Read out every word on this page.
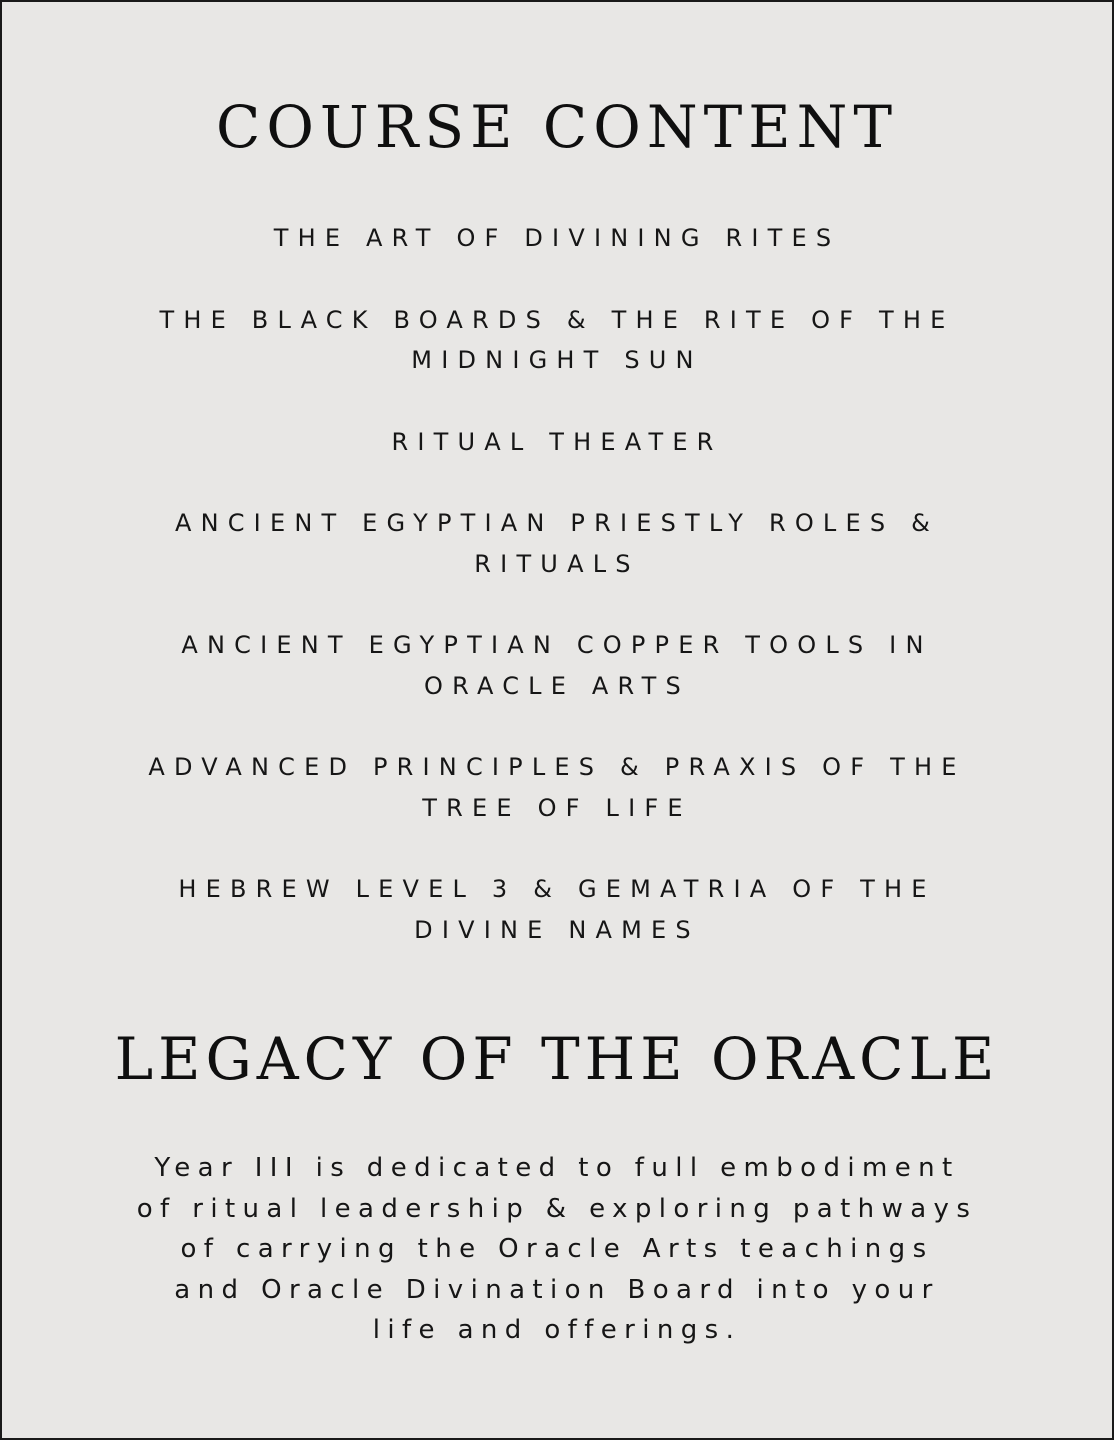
COURSE CONTENT
THE ART OF DIVINING RITES
THE BLACK BOARDS & THE RITE OF THE
MIDNIGHT SUN
RITUAL THEATER
ANCIENT EGYPTIAN PRIESTLY ROLES &
RITUALS
ANCIENT EGYPTIAN COPPER TOOLS IN
ORACLE ARTS
ADVANCED PRINCIPLES & PRAXIS OF THE
TREE OF LIFE
HEBREW LEVEL 3 & GEMATRIA OF THE
DIVINE NAMES
LEGACY OF THE ORACLE

Year III is dedicated to full embodiment
of ritual leadership & exploring pathways
of carrying the Oracle Arts teachings
and Oracle Divination Board into your
life and offerings.
